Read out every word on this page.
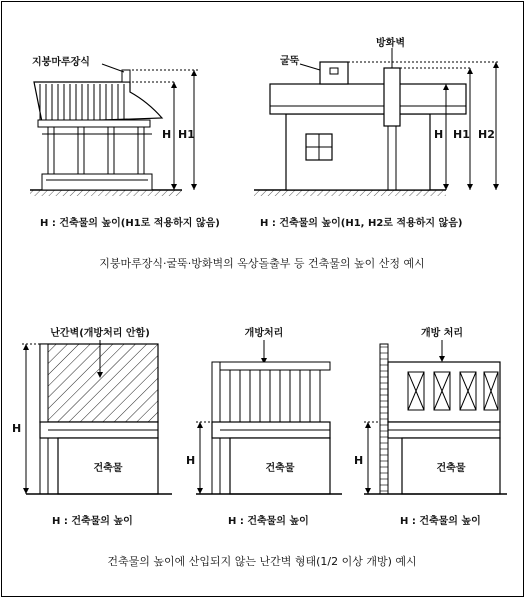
지붕마루장식
H H1
H : 건축물의 높이(H1로 적용하지 않음)
굴뚝
방화벽
H H1 H2
H : 건축물의 높이(H1, H2로 적용하지 않음)
지붕마루장식·굴뚝·방화벽의 옥상돌출부 등 건축물의 높이 산정 예시
난간벽(개방처리 안함)
건축물
H
H : 건축물의 높이
개방처리
건축물
H
H : 건축물의 높이
개방 처리
건축물
H
H : 건축물의 높이
건축물의 높이에 산입되지 않는 난간벽 형태(1/2 이상 개방) 예시
